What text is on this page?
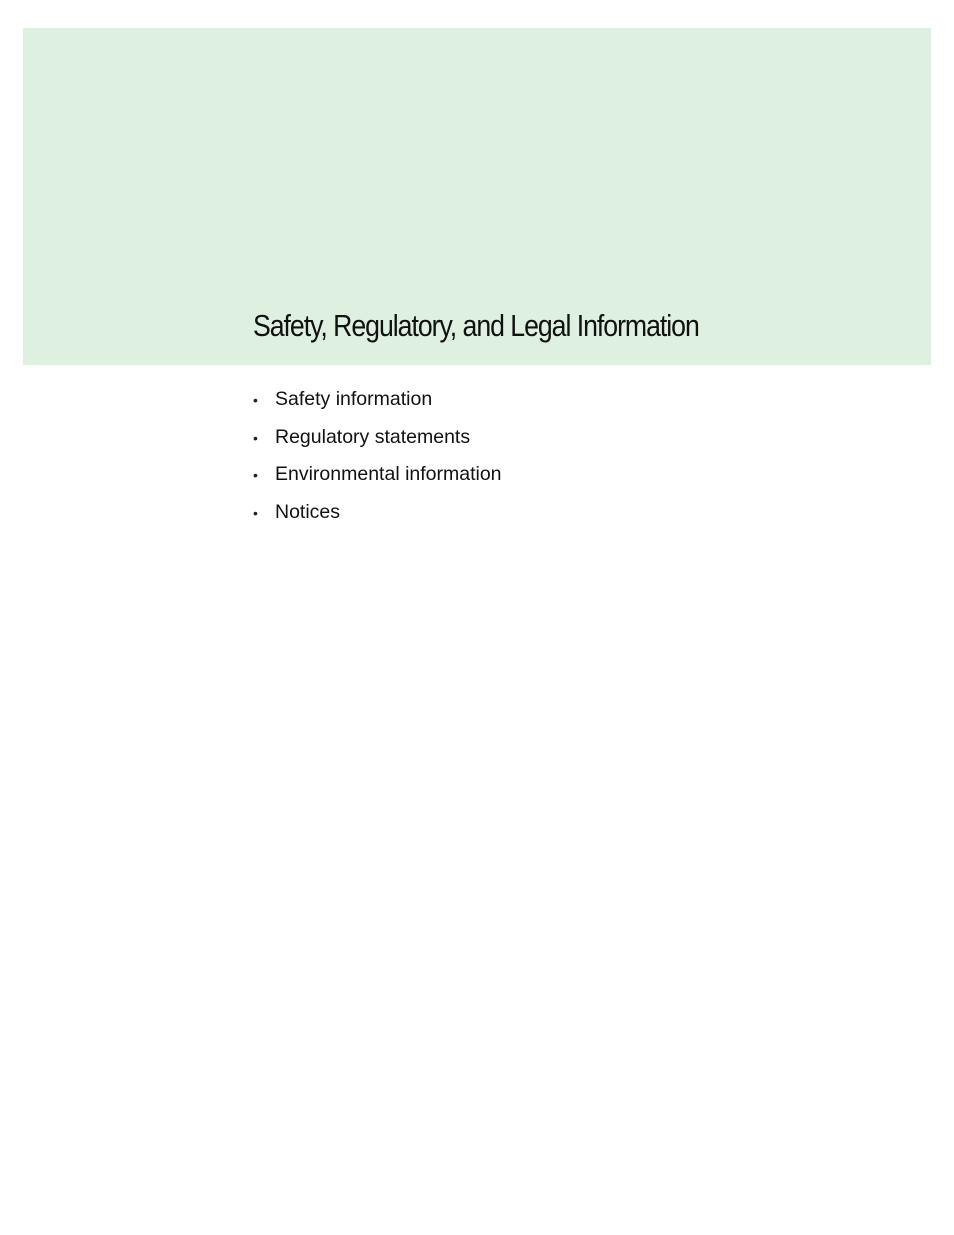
Safety, Regulatory, and Legal Information
• Safety information
• Regulatory statements
• Environmental information
• Notices
